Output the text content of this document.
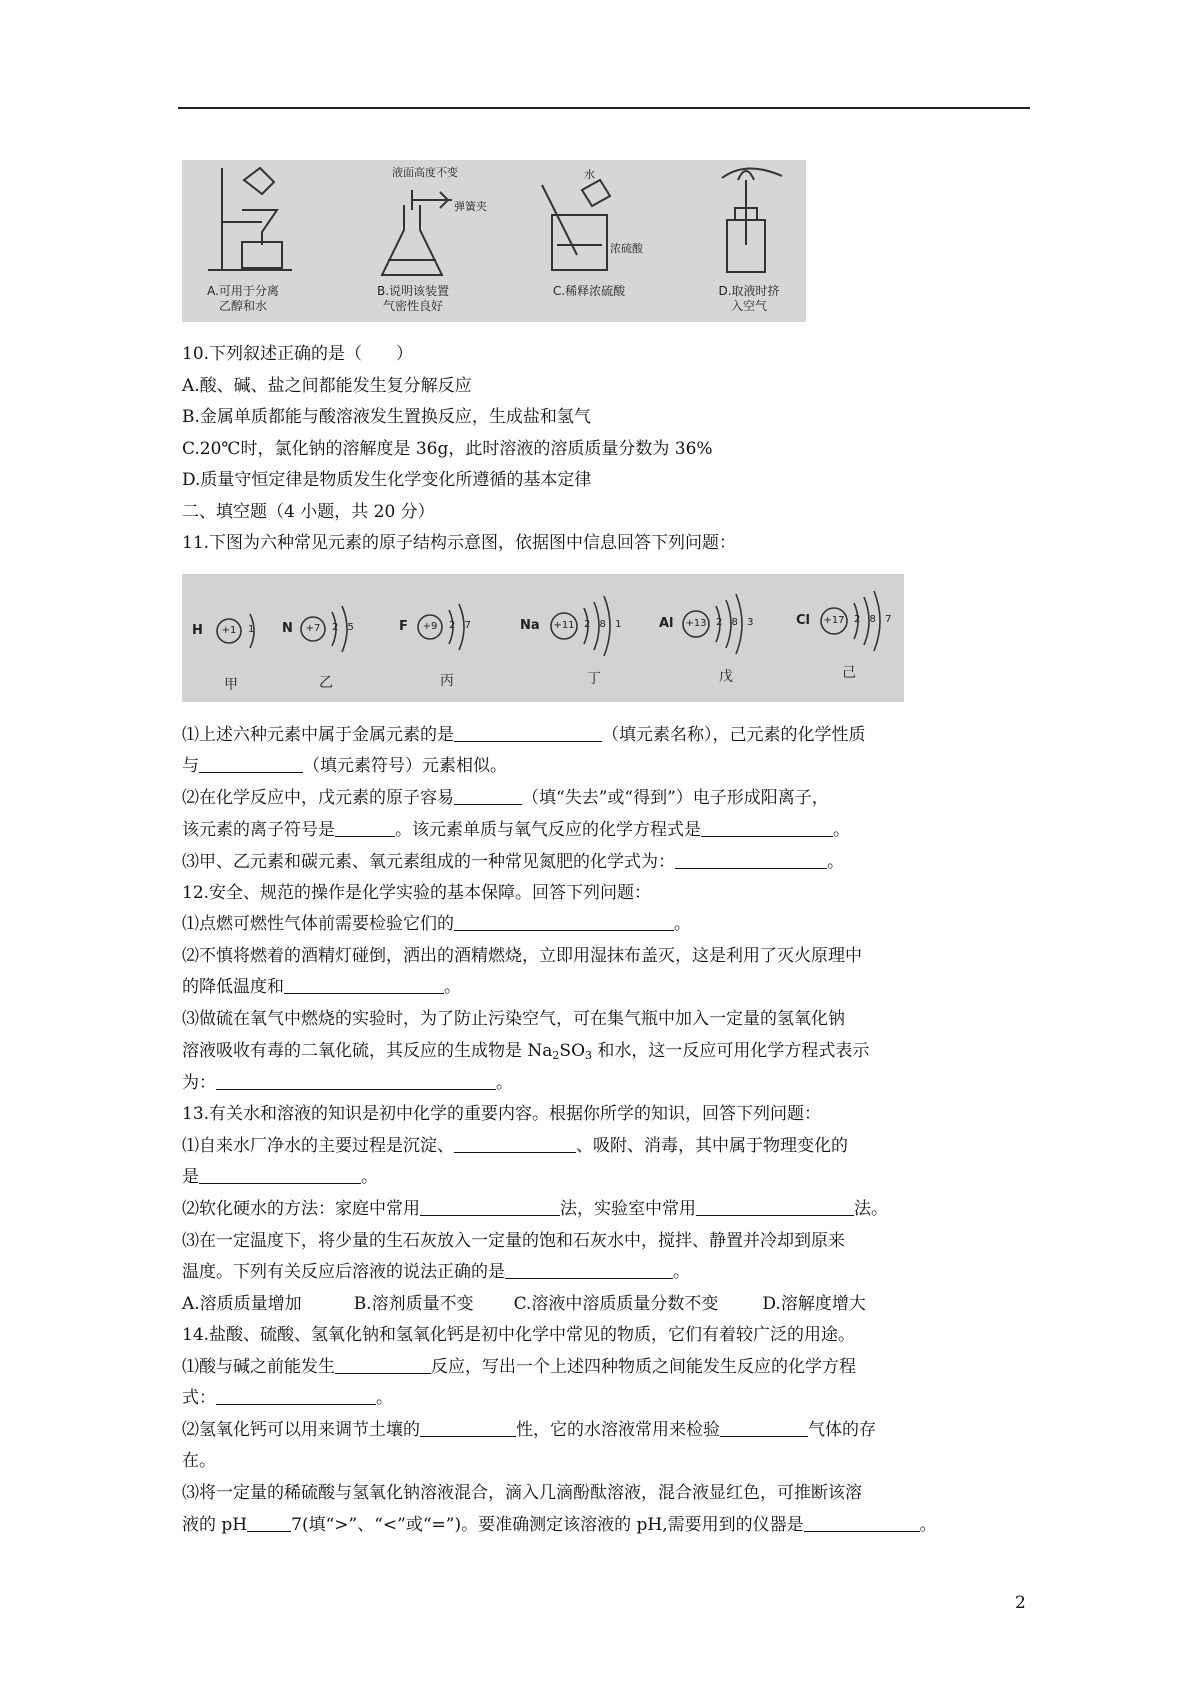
液面高度不变
弹簧夹
水
浓硫酸
A.可用于分离
乙醇和水
B.说明该装置
气密性良好
C.稀释浓硫酸	D.取液时挤
入空气
10.下列叙述正确的是（　　）
A.酸、碱、盐之间都能发生复分解反应
B.金属单质都能与酸溶液发生置换反应，生成盐和氢气
C.20℃时，氯化钠的溶解度是 36g，此时溶液的溶质质量分数为 36%
D.质量守恒定律是物质发生化学变化所遵循的基本定律
二、填空题（4 小题，共 20 分）
11.下图为六种常见元素的原子结构示意图，依据图中信息回答下列问题：
H	+1	1
甲
N	+7	2 5
乙
F	+9	2 7
丙
Na	+11 2 8 1
丁
Al	+13 2 8 3
戊
Cl	+17 2 8 7
己
⑴上述六种元素中属于金属元素的是	（填元素名称），己元素的化学性质
与	（填元素符号）元素相似。
⑵在化学反应中，戊元素的原子容易	（填“失去”或“得到”）电子形成阳离子，
该元素的离子符号是	。该元素单质与氧气反应的化学方程式是	。
⑶甲、乙元素和碳元素、氧元素组成的一种常见氮肥的化学式为：	。
12.安全、规范的操作是化学实验的基本保障。回答下列问题：
⑴点燃可燃性气体前需要检验它们的	。
⑵不慎将燃着的酒精灯碰倒，洒出的酒精燃烧，立即用湿抹布盖灭，这是利用了灭火原理中
的降低温度和	。
⑶做硫在氧气中燃烧的实验时，为了防止污染空气，可在集气瓶中加入一定量的氢氧化钠
溶液吸收有毒的二氧化硫，其反应的生成物是 $Na_2SO_3$ 和水，这一反应可用化学方程式表示
为：	。
13.有关水和溶液的知识是初中化学的重要内容。根据你所学的知识，回答下列问题：
⑴自来水厂净水的主要过程是沉淀、	、吸附、消毒，其中属于物理变化的
是	。
⑵软化硬水的方法：家庭中常用	法，实验室中常用	法。
⑶在一定温度下，将少量的生石灰放入一定量的饱和石灰水中，搅拌、静置并冷却到原来
温度。下列有关反应后溶液的说法正确的是	。
A.溶质质量增加	B.溶剂质量不变 C.溶液中溶质质量分数不变	D.溶解度增大
14.盐酸、硫酸、氢氧化钠和氢氧化钙是初中化学中常见的物质，它们有着较广泛的用途。
⑴酸与碱之前能发生	反应，写出一个上述四种物质之间能发生反应的化学方程
式：	。
⑵氢氧化钙可以用来调节土壤的	性，它的水溶液常用来检验	气体的存
在。
⑶将一定量的稀硫酸与氢氧化钠溶液混合，滴入几滴酚酞溶液，混合液显红色，可推断该溶
液的 pH	7(填“>”、“<”或“=”)。要准确测定该溶液的 pH,需要用到的仪器是	。
2
